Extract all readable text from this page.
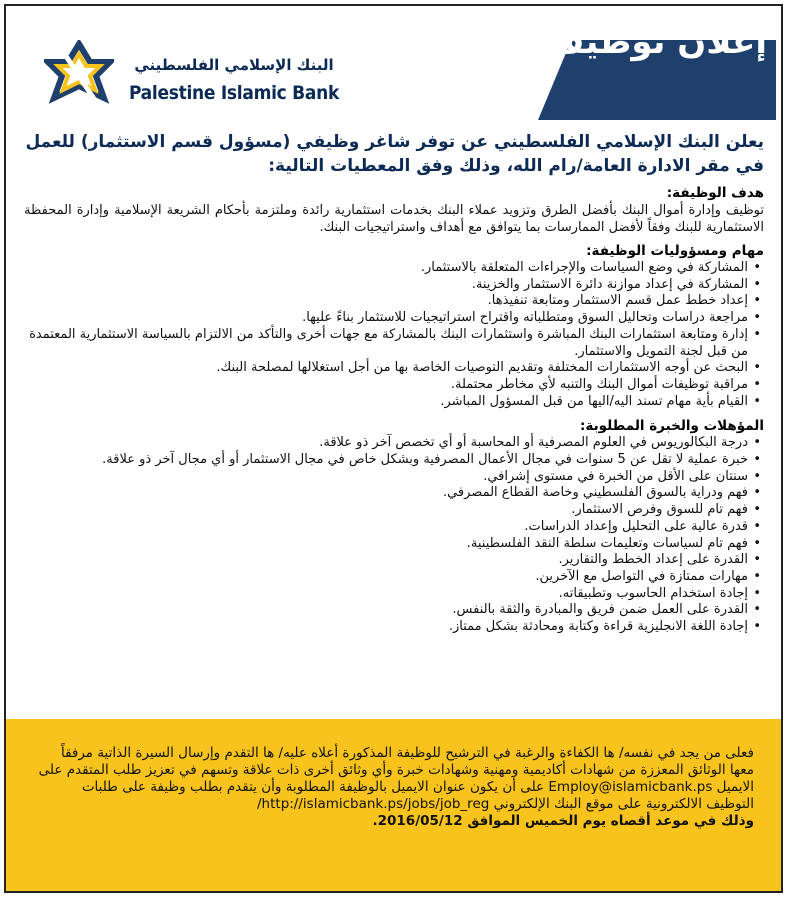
البنك الإسلامي الفلسطيني
Palestine Islamic Bank
إعلان توظيف
يعلن البنك الإسلامي الفلسطيني عن توفر شاغر وظيفي (مسؤول قسم الاستثمار) للعمل في مقر الادارة العامة/رام الله، وذلك وفق المعطيات التالية:
هدف الوظيفة:
توظيف وإدارة أموال البنك بأفضل الطرق وتزويد عملاء البنك بخدمات استثمارية رائدة وملتزمة بأحكام الشريعة الإسلامية وإدارة المحفظة الاستثمارية للبنك وفقاً لأفضل الممارسات بما يتوافق مع أهداف واستراتيجيات البنك.
مهام ومسؤوليات الوظيفة:
• المشاركة في وضع السياسات والإجراءات المتعلقة بالاستثمار.
• المشاركة في إعداد موازنة دائرة الاستثمار والخزينة.
• إعداد خطط عمل قسم الاستثمار ومتابعة تنفيذها.
• مراجعة دراسات وتحاليل السوق ومتطلباته واقتراح استراتيجيات للاستثمار بناءً عليها.
• إدارة ومتابعة استثمارات البنك المباشرة واستثمارات البنك بالمشاركة مع جهات أخرى والتأكد من الالتزام بالسياسة الاستثمارية المعتمدة من قبل لجنة التمويل والاستثمار.
• البحث عن أوجه الاستثمارات المختلفة وتقديم التوصيات الخاصة بها من أجل استغلالها لمصلحة البنك.
• مراقبة توظيفات أموال البنك والتنبه لأي مخاطر محتملة.
• القيام بأية مهام تسند اليه/اليها من قبل المسؤول المباشر.
المؤهلات والخبرة المطلوبة:
• درجة البكالوريوس في العلوم المصرفية أو المحاسبة أو أي تخصص آخر ذو علاقة.
• خبرة عملية لا تقل عن 5 سنوات في مجال الأعمال المصرفية وبشكل خاص في مجال الاستثمار أو أي مجال آخر ذو علاقة.
• سنتان على الأقل من الخبرة في مستوى إشرافي.
• فهم ودراية بالسوق الفلسطيني وخاصة القطاع المصرفي.
• فهم تام للسوق وفرص الاستثمار.
• قدرة عالية على التحليل وإعداد الدراسات.
• فهم تام لسياسات وتعليمات سلطة النقد الفلسطينية.
• القدرة على إعداد الخطط والتقارير.
• مهارات ممتازة في التواصل مع الآخرين.
• إجادة استخدام الحاسوب وتطبيقاته.
• القدرة على العمل ضمن فريق والمبادرة والثقة بالنفس.
• إجادة اللغة الانجليزية قراءة وكتابة ومحادثة بشكل ممتاز.
فعلى من يجد في نفسه/ ها الكفاءة والرغبة في الترشيح للوظيفة المذكورة أعلاه عليه/ ها التقدم وإرسال السيرة الذاتية مرفقاً معها الوثائق المعززة من شهادات أكاديمية ومهنية وشهادات خبرة وأي وثائق أخرى ذات علاقة وتسهم في تعزيز طلب المتقدم على الايميل Employ@islamicbank.ps على أن يكون عنوان الايميل بالوظيفة المطلوبة وأن يتقدم بطلب وظيفة على طلبات التوظيف الالكترونية على موقع البنك الإلكتروني http://islamicbank.ps/jobs/job_reg/
وذلك في موعد أقصاه يوم الخميس الموافق 2016/05/12.
